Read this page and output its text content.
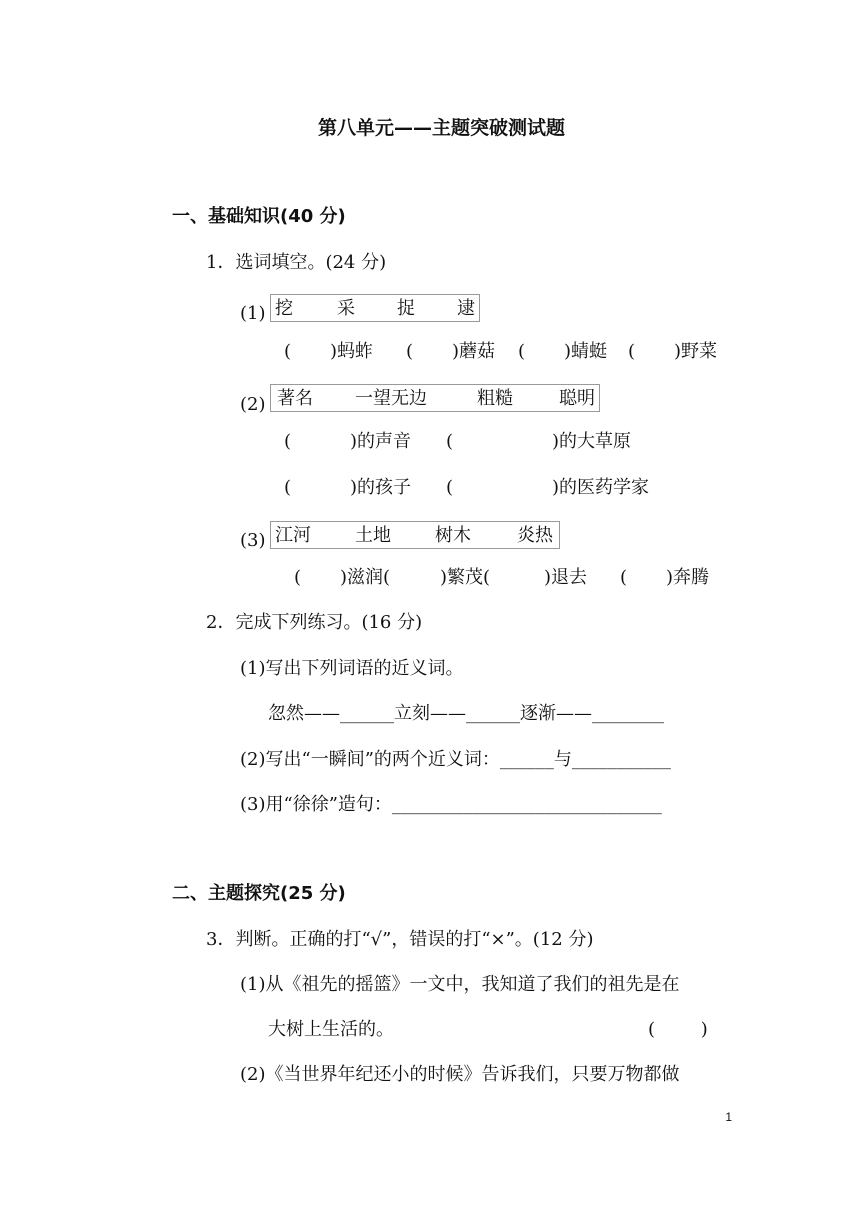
第八单元——主题突破测试题
一、基础知识(40 分)
1．选词填空。(24 分)
(1)

挖

采

捉

逮

(

)蚂蚱

(

)蘑菇

(

)蜻蜓

(

)野菜

(2)

著名

一望无边

	粗糙

	聪明

(

	)的声音

(

	)的大草原

(

	)的孩子

(

	)的医药学家

(3)

江河

土地

树木

	炎热

(

)滋润(

	)繁茂(

	)退去

(

)奔腾

2．完成下列练习。(16 分)
(1)写出下列词语的近义词。
忽然——______立刻——______逐渐——________
(2)写出“一瞬间”的两个近义词：______与___________
(3)用“徐徐”造句：______________________________
二、主题探究(25 分)
3．判断。正确的打“√”，错误的打“×”。(12 分)
(1)从《祖先的摇篮》一文中，我知道了我们的祖先是在
大树上生活的。	(        )
(2)《当世界年纪还小的时候》告诉我们，只要万物都做
1
